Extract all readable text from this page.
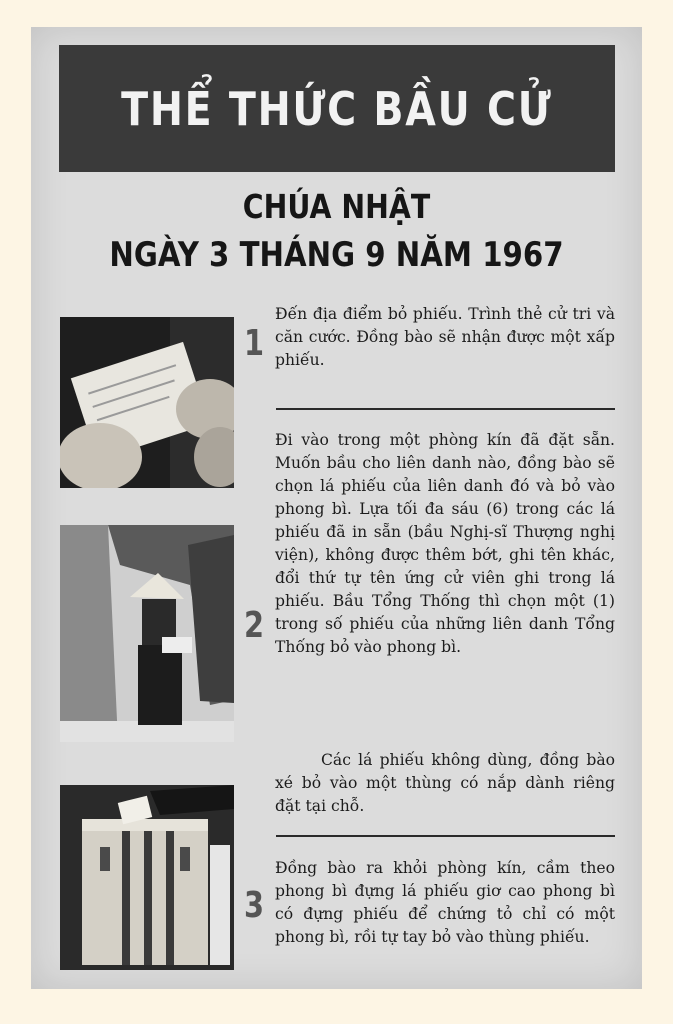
THỂ THỨC BẦU CỬ
CHÚA NHẬT
NGÀY 3 THÁNG 9 NĂM 1967
1
2
3

Đến địa điểm bỏ phiếu. Trình thẻ cử tri và căn cước. Đồng bào sẽ nhận được một xấp phiếu.

Đi vào trong một phòng kín đã đặt sẵn. Muốn bầu cho liên danh nào, đồng bào sẽ chọn lá phiếu của liên danh đó và bỏ vào phong bì. Lựa tối đa sáu (6) trong các lá phiếu đã in sẵn (bầu Nghị-sĩ Thượng nghị viện), không được thêm bớt, ghi tên khác, đổi thứ tự tên ứng cử viên ghi trong lá phiếu. Bầu Tổng Thống thì chọn một (1) trong số phiếu của những liên danh Tổng Thống bỏ vào phong bì.

Các lá phiếu không dùng, đồng bào xé bỏ vào một thùng có nắp dành riêng đặt tại chỗ.

Đồng bào ra khỏi phòng kín, cầm theo phong bì đựng lá phiếu giơ cao phong bì có đựng phiếu để chứng tỏ chỉ có một phong bì, rồi tự tay bỏ vào thùng phiếu.
